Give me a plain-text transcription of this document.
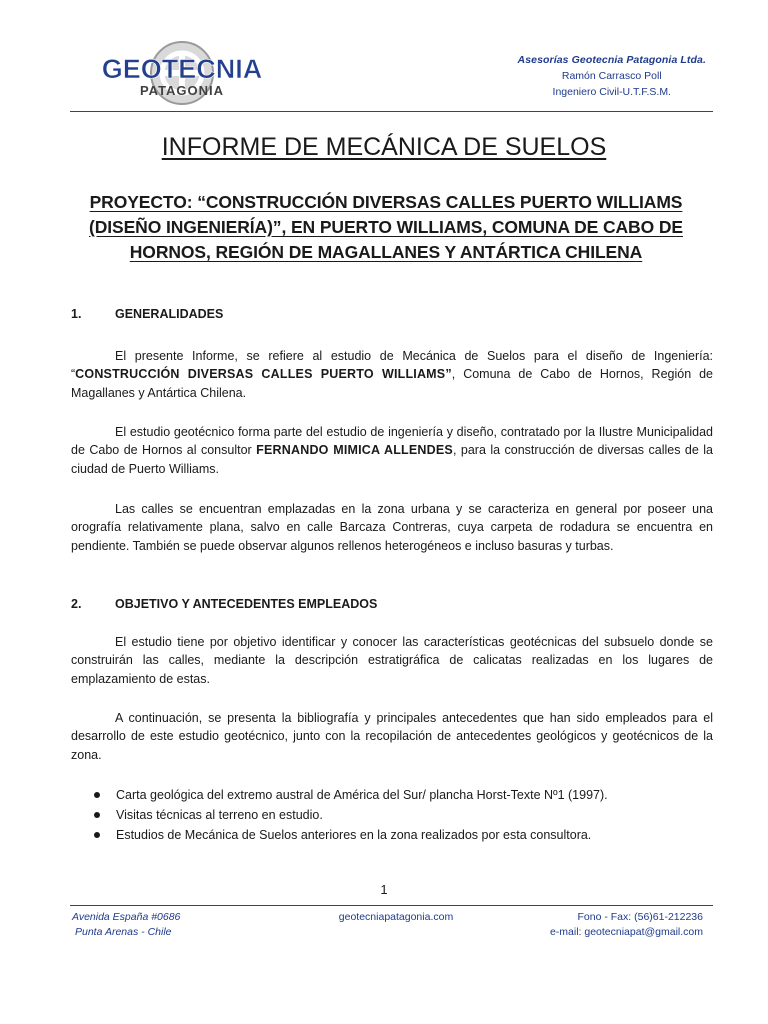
GEOTECNIA
PATAGONIA
Asesorías Geotecnia Patagonia Ltda.
Ramón Carrasco Poll
Ingeniero Civil-U.T.F.S.M.
INFORME DE MECÁNICA DE SUELOS
PROYECTO: “CONSTRUCCIÓN DIVERSAS CALLES PUERTO WILLIAMS
(DISEÑO INGENIERÍA)”, EN PUERTO WILLIAMS, COMUNA DE CABO DE
HORNOS, REGIÓN DE MAGALLANES Y ANTÁRTICA CHILENA
1.	GENERALIDADES
El presente Informe, se refiere al estudio de Mecánica de Suelos para el diseño de Ingeniería: “CONSTRUCCIÓN DIVERSAS CALLES PUERTO WILLIAMS”, Comuna de Cabo de Hornos, Región de Magallanes y Antártica Chilena.
El estudio geotécnico forma parte del estudio de ingeniería y diseño, contratado por la Ilustre Municipalidad de Cabo de Hornos al consultor FERNANDO MIMICA ALLENDES, para la construcción de diversas calles de la ciudad de Puerto Williams.
Las calles se encuentran emplazadas en la zona urbana y se caracteriza en general por poseer una orografía relativamente plana, salvo en calle Barcaza Contreras, cuya carpeta de rodadura se encuentra en pendiente. También se puede observar algunos rellenos heterogéneos e incluso basuras y turbas.
2.	OBJETIVO Y ANTECEDENTES EMPLEADOS
El estudio tiene por objetivo identificar y conocer las características geotécnicas del subsuelo donde se construirán las calles, mediante la descripción estratigráfica de calicatas realizadas en los lugares de emplazamiento de estas.
A continuación, se presenta la bibliografía y principales antecedentes que han sido empleados para el desarrollo de este estudio geotécnico, junto con la recopilación de antecedentes geológicos y geotécnicos de la zona.
Carta geológica del extremo austral de América del Sur/ plancha Horst-Texte Nº1 (1997).
Visitas técnicas al terreno en estudio.
Estudios de Mecánica de Suelos anteriores en la zona realizados por esta consultora.
1
Avenida España #0686
Punta Arenas - Chile
geotecniapatagonia.com	Fono - Fax: (56)61-212236
e-mail: geotecniapat@gmail.com
